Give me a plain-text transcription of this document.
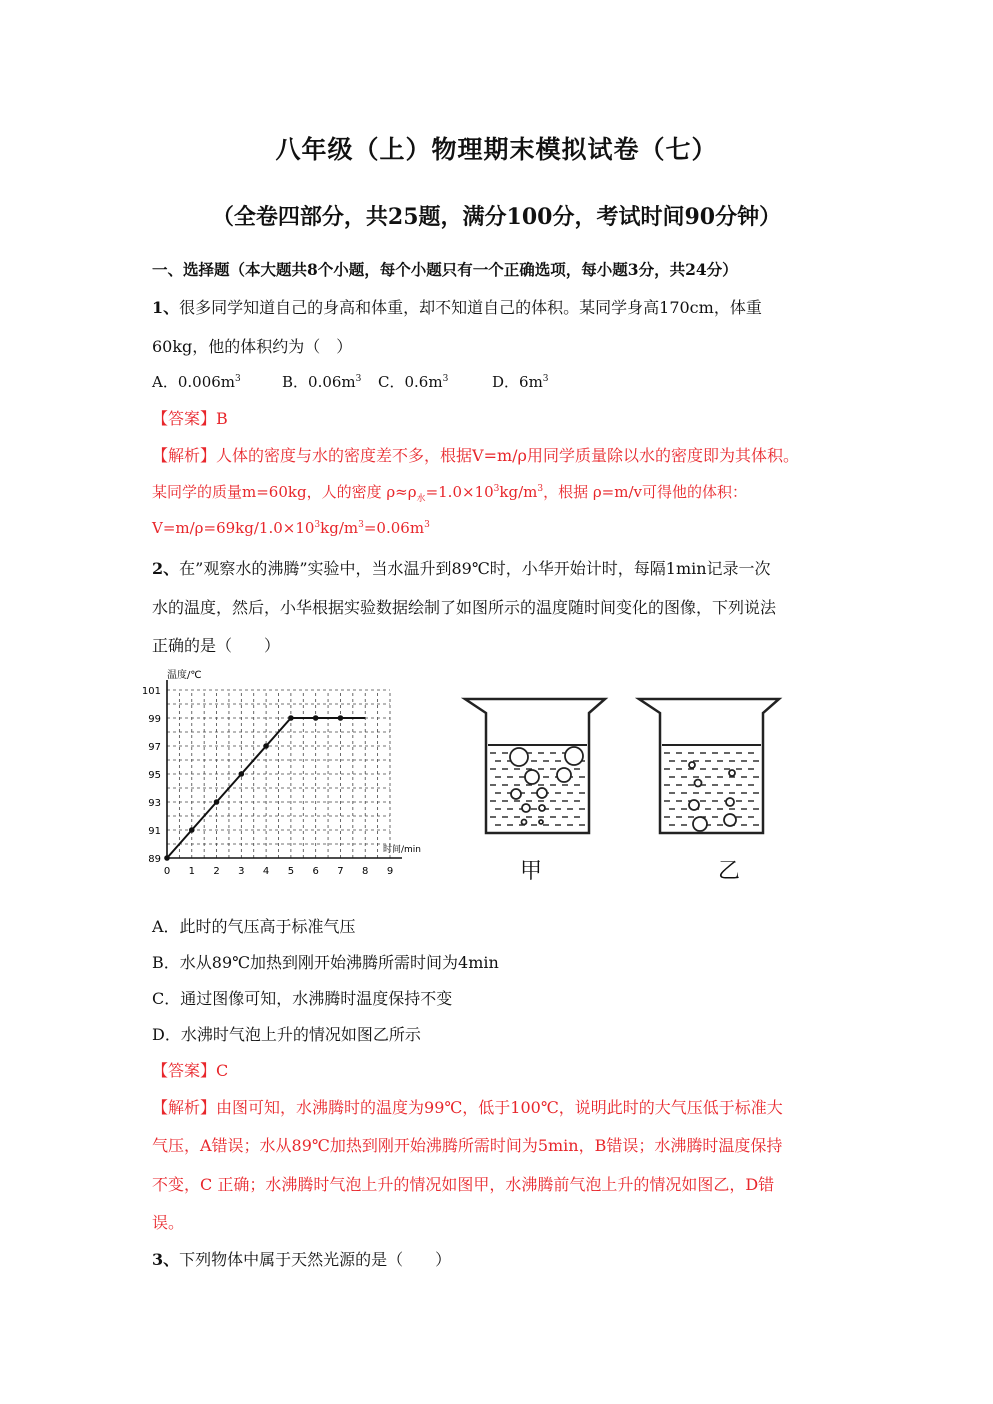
八年级（上）物理期末模拟试卷（七）
（全卷四部分，共25题，满分100分，考试时间90分钟）
一、选择题（本大题共8个小题，每个小题只有一个正确选项，每小题3分，共24分）
1、很多同学知道自己的身高和体重，却不知道自己的体积。某同学身高170cm，体重
60kg，他的体积约为（　）
A．$0.006m^3$	B．$0.06m^3$ C．$0.6m^3$	D．$6m^3$
【答案】B
【解析】人体的密度与水的密度差不多，根据V=m/ρ用同学质量除以水的密度即为其体积。
某同学的质量m=60kg，人的密度 $\rho\approx\rho_水=1.0\times 10^3kg/m^3$，根据 ρ=m/v可得他的体积：
$V=m/\rho=69kg/1.0\times 10^3kg/m^3=0.06m^3$
2、在”观察水的沸腾”实验中，当水温升到89℃时，小华开始计时，每隔1min记录一次
水的温度，然后，小华根据实验数据绘制了如图所示的温度随时间变化的图像，下列说法
正确的是（　　）
0 1 2 3 4 5 6 7 8 9
89
91
93
95
97
99
101
温度/℃
时间/min
甲	乙
A．此时的气压高于标准气压
B．水从89℃加热到刚开始沸腾所需时间为4min
C．通过图像可知，水沸腾时温度保持不变
D．水沸时气泡上升的情况如图乙所示
【答案】C
【解析】由图可知，水沸腾时的温度为99℃，低于100℃，说明此时的大气压低于标准大
气压，A错误；水从89℃加热到刚开始沸腾所需时间为5min，B错误；水沸腾时温度保持
不变，C 正确；水沸腾时气泡上升的情况如图甲，水沸腾前气泡上升的情况如图乙，D错
误。
3、下列物体中属于天然光源的是（　　）
